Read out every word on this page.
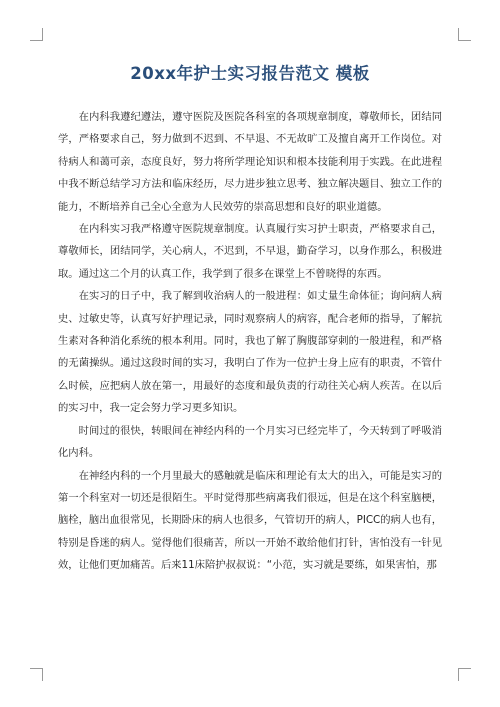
20xx年护士实习报告范文 模板

在内科我遵纪遵法，遵守医院及医院各科室的各项规章制度，尊敬师长，团结同学，严格要求自己，努力做到不迟到、不早退、不无故旷工及擅自离开工作岗位。对待病人和蔼可亲，态度良好，努力将所学理论知识和根本技能利用于实践。在此进程中我不断总结学习方法和临床经历，尽力进步独立思考、独立解决题目、独立工作的能力，不断培养自己全心全意为人民效劳的崇高思想和良好的职业道德。

在内科实习我严格遵守医院规章制度。认真履行实习护士职责，严格要求自己，尊敬师长，团结同学，关心病人，不迟到，不早退，勤奋学习，以身作那么，积极进取。通过这二个月的认真工作，我学到了很多在课堂上不曾晓得的东西。

在实习的日子中，我了解到收治病人的一般进程：如丈量生命体征；询问病人病史、过敏史等，认真写好护理记录，同时观察病人的病容，配合老师的指导，了解抗生素对各种消化系统的根本利用。同时，我也了解了胸腹部穿刺的一般进程，和严格的无菌操纵。通过这段时间的实习，我明白了作为一位护士身上应有的职责，不管什么时候，应把病人放在第一，用最好的态度和最负责的行动往关心病人疾苦。在以后的实习中，我一定会努力学习更多知识。

时间过的很快，转眼间在神经内科的一个月实习已经完毕了，今天转到了呼吸消化内科。

在神经内科的一个月里最大的感触就是临床和理论有太大的出入，可能是实习的第一个科室对一切还是很陌生。平时觉得那些病离我们很远，但是在这个科室脑梗，脑栓，脑出血很常见，长期卧床的病人也很多，气管切开的病人，PICC的病人也有，特别是昏迷的病人。觉得他们很痛苦，所以一开始不敢给他们打针，害怕没有一针见效，让他们更加痛苦。后来11床陪护叔叔说：“小范，实习就是要练，如果害怕，那
